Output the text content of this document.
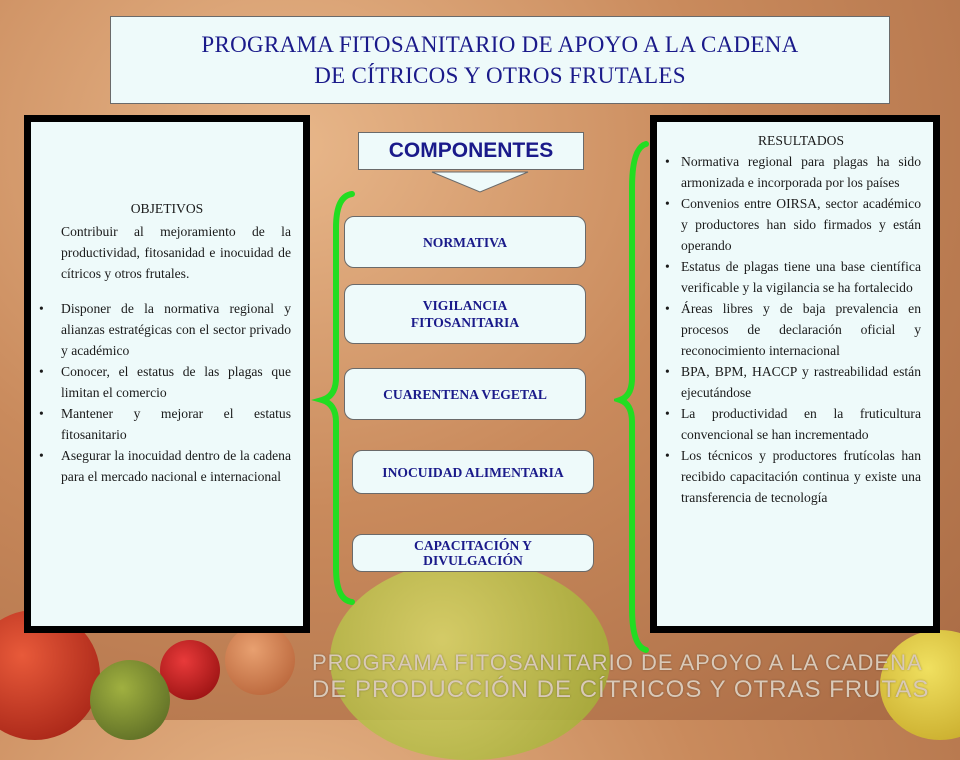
PROGRAMA FITOSANITARIO DE APOYO A LA CADENA
DE CÍTRICOS Y OTROS FRUTALES
OBJETIVOS
Contribuir al mejoramiento de la productividad, fitosanidad e inocuidad de cítricos y otros frutales.
• Disponer de la normativa regional y alianzas estratégicas con el sector privado y académico
• Conocer, el estatus de las plagas que limitan el comercio
• Mantener y mejorar el estatus fitosanitario
• Asegurar la inocuidad dentro de la cadena para el mercado nacional e internacional
COMPONENTES
NORMATIVA
VIGILANCIA FITOSANITARIA
CUARENTENA VEGETAL
INOCUIDAD ALIMENTARIA
CAPACITACIÓN Y DIVULGACIÓN
RESULTADOS
• Normativa regional para plagas ha sido armonizada e incorporada por los países
• Convenios entre OIRSA, sector académico y productores han sido firmados y están operando
• Estatus de plagas tiene una base científica verificable y la vigilancia se ha fortalecido
• Áreas libres y de baja prevalencia en procesos de declaración oficial y reconocimiento internacional
• BPA, BPM, HACCP y rastreabilidad están ejecutándose
• La productividad en la fruticultura convencional se han incrementado
• Los técnicos y productores frutícolas han recibido capacitación continua y existe una transferencia de tecnología
PROGRAMA FITOSANITARIO DE APOYO A LA CADENA
DE PRODUCCIÓN DE CÍTRICOS Y OTRAS FRUTAS
